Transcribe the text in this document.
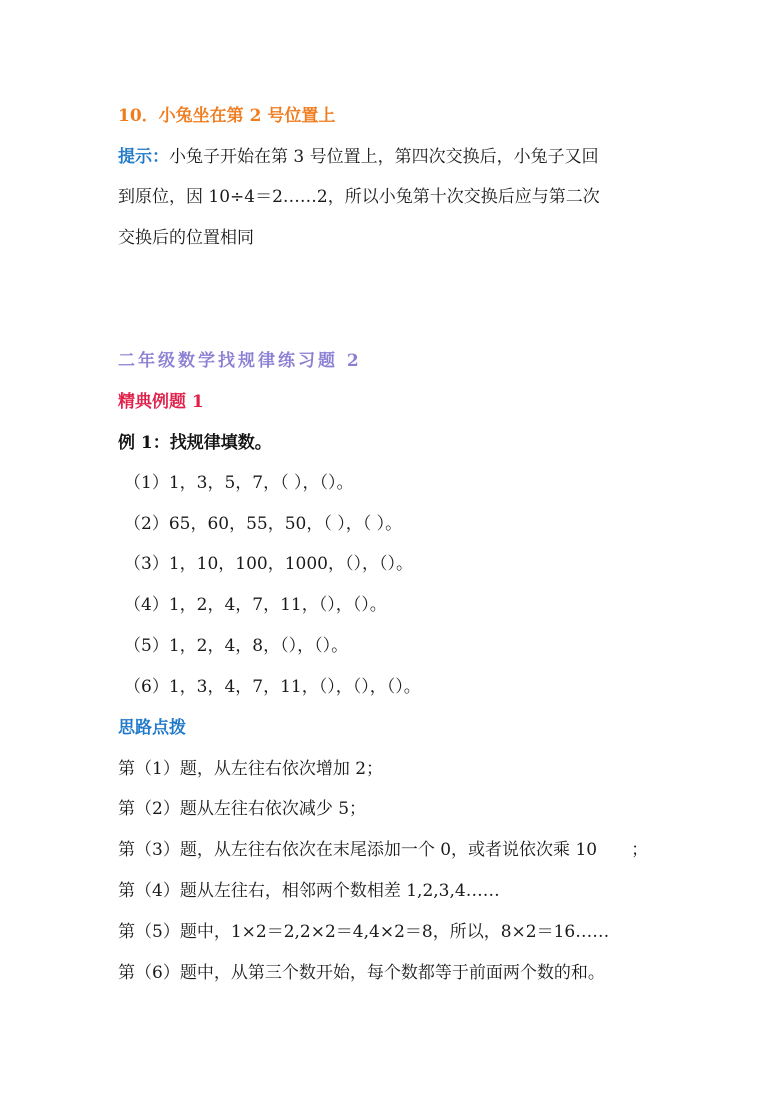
10．小兔坐在第 2 号位置上
提示：小兔子开始在第 3 号位置上，第四次交换后，小兔子又回
到原位，因 10÷4＝2……2，所以小兔第十次交换后应与第二次
交换后的位置相同
二年级数学找规律练习题 2
精典例题 1
例 1：找规律填数。
（1）1，3，5，7，（ ），（）。
（2）65，60，55，50，（ ），（ ）。
（3）1，10，100，1000，（），（）。
（4）1，2，4，7，11，（），（）。
（5）1，2，4，8，（），（）。
（6）1，3，4，7，11，（），（），（）。
思路点拨
第（1）题，从左往右依次增加 2；
第（2）题从左往右依次减少 5；
第（3）题，从左往右依次在末尾添加一个 0，或者说依次乘 10　　；
第（4）题从左往右，相邻两个数相差 1,2,3,4……
第（5）题中，1×2＝2,2×2＝4,4×2＝8，所以，8×2＝16……
第（6）题中，从第三个数开始，每个数都等于前面两个数的和。
